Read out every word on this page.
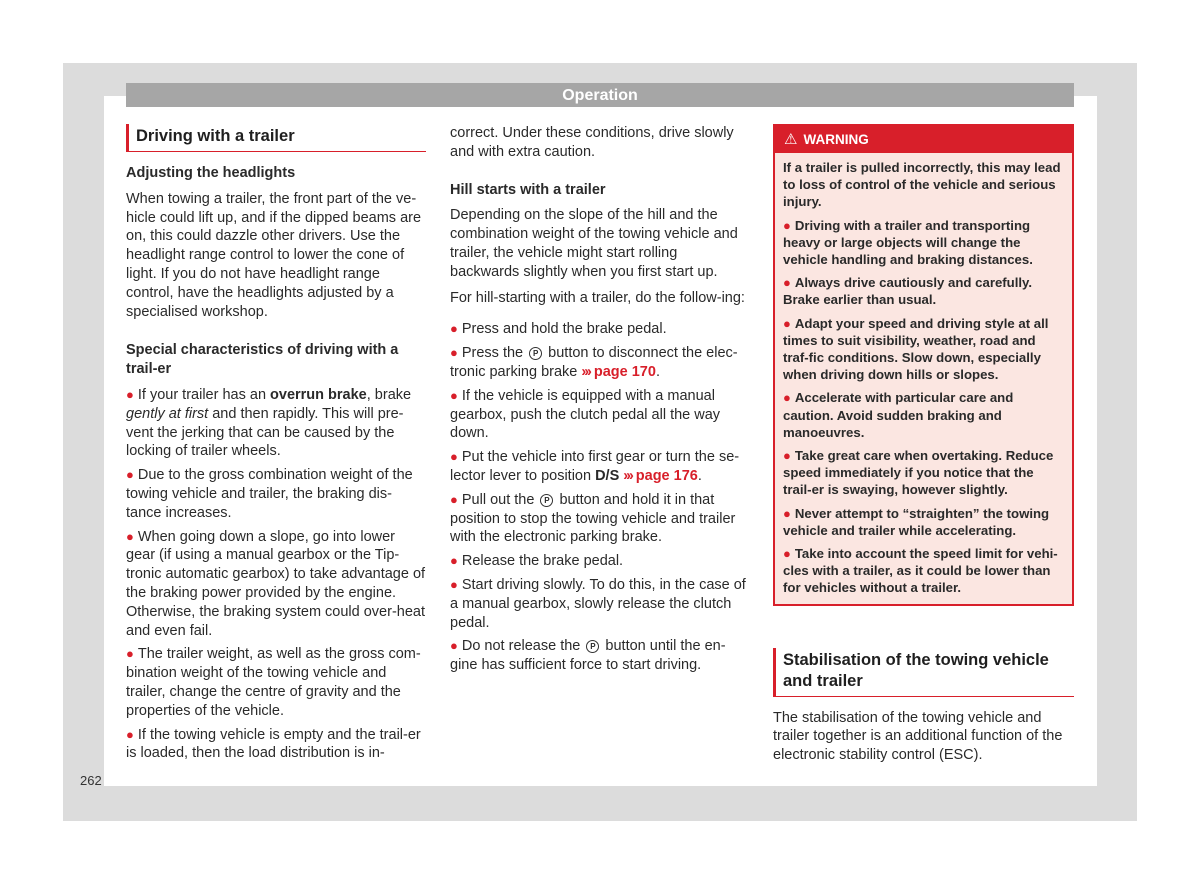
Operation
Driving with a trailer

Adjusting the headlights

When towing a trailer, the front part of the ve-hicle could lift up, and if the dipped beams are on, this could dazzle other drivers. Use the headlight range control to lower the cone of light. If you do not have headlight range control, have the headlights adjusted by a specialised workshop.

Special characteristics of driving with a trail-er

● If your trailer has an overrun brake, brake gently at first and then rapidly. This will pre-vent the jerking that can be caused by the locking of trailer wheels.

● Due to the gross combination weight of the towing vehicle and trailer, the braking dis-tance increases.

● When going down a slope, go into lower gear (if using a manual gearbox or the Tip-tronic automatic gearbox) to take advantage of the braking power provided by the engine. Otherwise, the braking system could over-heat and even fail.

● The trailer weight, as well as the gross com-bination weight of the towing vehicle and trailer, change the centre of gravity and the properties of the vehicle.

● If the towing vehicle is empty and the trail-er is loaded, then the load distribution is in-

correct. Under these conditions, drive slowly and with extra caution.

Hill starts with a trailer

Depending on the slope of the hill and the combination weight of the towing vehicle and trailer, the vehicle might start rolling backwards slightly when you first start up.

For hill-starting with a trailer, do the follow-ing:

● Press and hold the brake pedal.

● Press the P button to disconnect the elec-tronic parking brake ››› page 170.

● If the vehicle is equipped with a manual gearbox, push the clutch pedal all the way down.

● Put the vehicle into first gear or turn the se-lector lever to position D/S ››› page 176.

● Pull out the P button and hold it in that position to stop the towing vehicle and trailer with the electronic parking brake.

● Release the brake pedal.

● Start driving slowly. To do this, in the case of a manual gearbox, slowly release the clutch pedal.

● Do not release the P button until the en-gine has sufficient force to start driving.

⚠ WARNING

If a trailer is pulled incorrectly, this may lead to loss of control of the vehicle and serious injury.

● Driving with a trailer and transporting heavy or large objects will change the vehicle handling and braking distances.

● Always drive cautiously and carefully. Brake earlier than usual.

● Adapt your speed and driving style at all times to suit visibility, weather, road and traf-fic conditions. Slow down, especially when driving down hills or slopes.

● Accelerate with particular care and caution. Avoid sudden braking and manoeuvres.

● Take great care when overtaking. Reduce speed immediately if you notice that the trail-er is swaying, however slightly.

● Never attempt to “straighten” the towing vehicle and trailer while accelerating.

● Take into account the speed limit for vehi-cles with a trailer, as it could be lower than for vehicles without a trailer.

Stabilisation of the towing vehicle and trailer

The stabilisation of the towing vehicle and trailer together is an additional function of the electronic stability control (ESC).

262
